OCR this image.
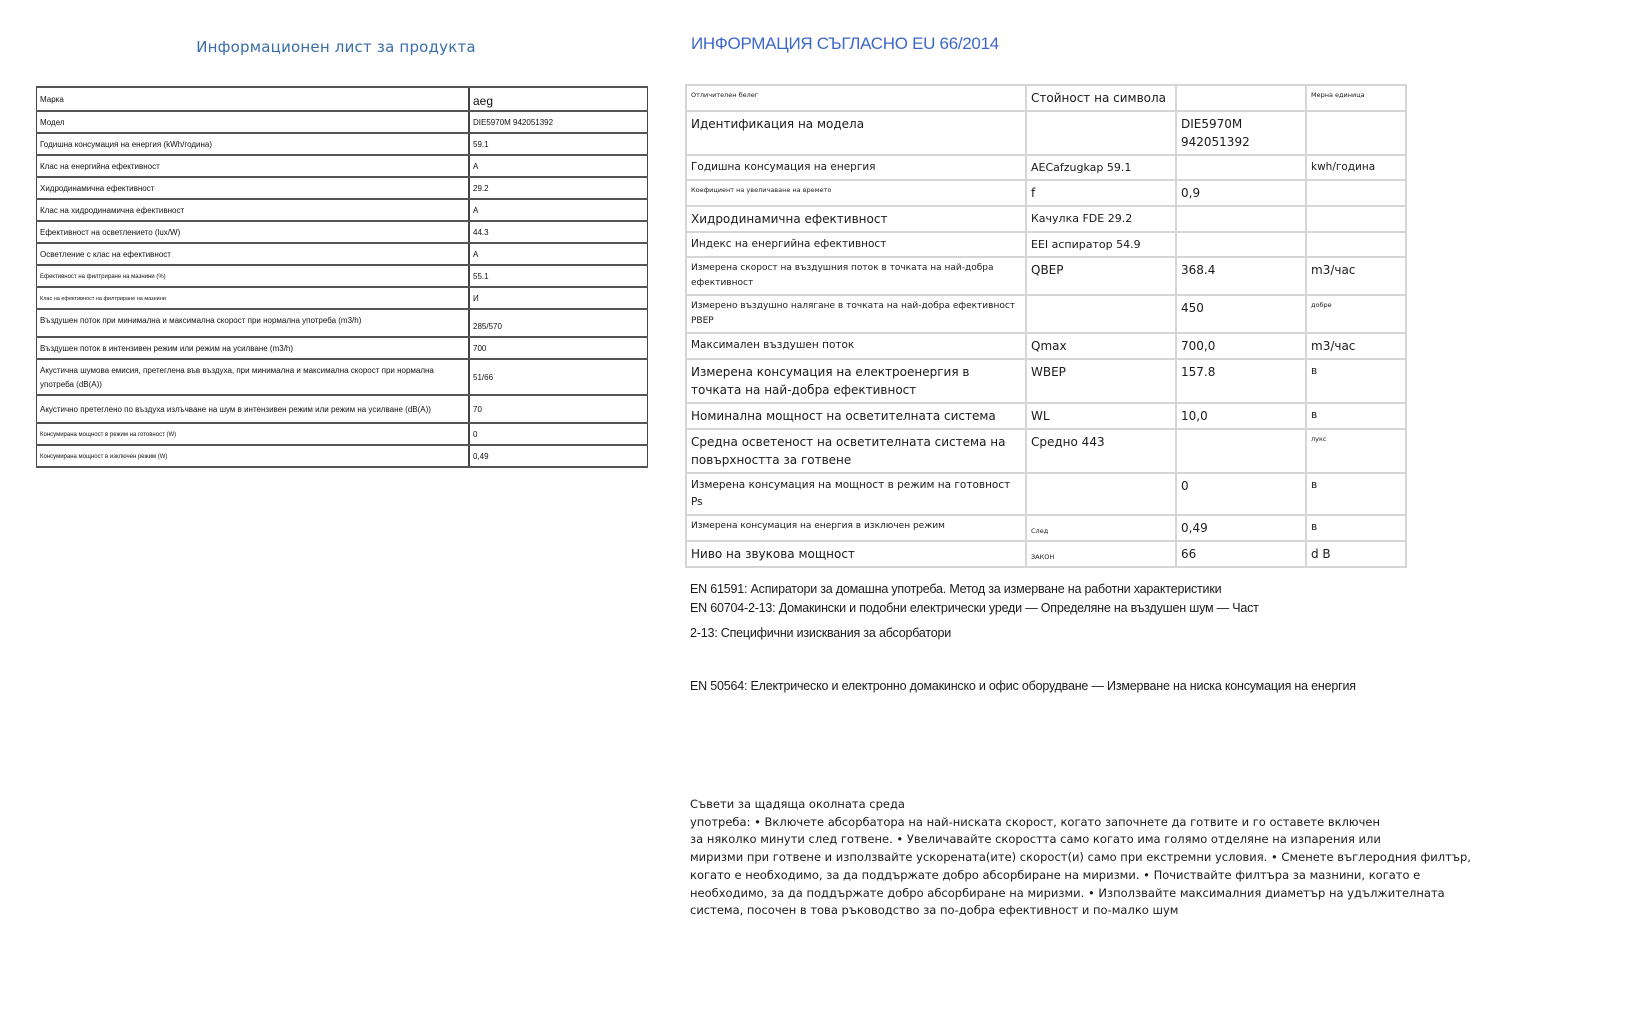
Информационен лист за продукта
Марка	aeg
Модел	DIE5970M 942051392
Годишна консумация на енергия (kWh/година)	59.1
Клас на енергийна ефективност	A
Хидродинамична ефективност	29.2
Клас на хидродинамична ефективност	A
Ефективност на осветлението (lux/W)	44.3
Осветление с клас на ефективност	A
Ефективност на филтриране на мазнини (%)	55.1
Клас на ефективност на филтриране на мазнини	И
Въздушен поток при минимална и максимална скорост при нормална употреба (m3/h)	285/570
Въздушен поток в интензивен режим или режим на усилване (m3/h)	700
Акустична шумова емисия, претеглена във въздуха, при минимална и максимална скорост при нормална употреба (dB(A))	51/66
Акустично претеглено по въздуха излъчване на шум в интензивен режим или режим на усилване (dB(A))	70
Консумирана мощност в режим на готовност (W)	0
Консумирана мощност в изключен режим (W)	0,49
ИНФОРМАЦИЯ СЪГЛАСНО EU 66/2014
Отличителен белег	Стойност на символа		Мерна единица
Идентификация на модела		DIE5970M 942051392	
Годишна консумация на енергия	AECafzugkap 59.1		kwh/година
Коефициент на увеличаване на времето	f	0,9	
Хидродинамична ефективност	Качулка FDE 29.2		
Индекс на енергийна ефективност	EEI аспиратор 54.9		
Измерена скорост на въздушния поток в точката на най-добра ефективност	QBEP	368.4	m3/час
Измерено въздушно налягане в точката на най-добра ефективност PBEP		450	добре
Максимален въздушен поток	Qmax	700,0	m3/час
Измерена консумация на електроенергия в точката на най-добра ефективност	WBEP	157.8	в
Номинална мощност на осветителната система	WL	10,0	в
Средна осветеност на осветителната система на повърхността за готвене	Средно 443		лукс
Измерена консумация на мощност в режим на готовност Ps		0	в
Измерена консумация на енергия в изключен режим	След	0,49	в
Ниво на звукова мощност	ЗАКОН	66	d B
EN 61591: Аспиратори за домашна употреба. Метод за измерване на работни характеристики
EN 60704-2-13: Домакински и подобни електрически уреди — Определяне на въздушен шум — Част
2-13: Специфични изисквания за абсорбатори
EN 50564: Електрическо и електронно домакинско и офис оборудване — Измерване на ниска консумация на енергия
Съвети за щадяща околната среда
употреба: • Включете абсорбатора на най-ниската скорост, когато започнете да готвите и го оставете включен
за няколко минути след готвене. • Увеличавайте скоростта само когато има голямо отделяне на изпарения или
миризми при готвене и използвайте ускорената(ите) скорост(и) само при екстремни условия. • Сменете въглеродния филтър,
когато е необходимо, за да поддържате добро абсорбиране на миризми. • Почиствайте филтъра за мазнини, когато е
необходимо, за да поддържате добро абсорбиране на миризми. • Използвайте максималния диаметър на удължителната
система, посочен в това ръководство за по-добра ефективност и по-малко шум
